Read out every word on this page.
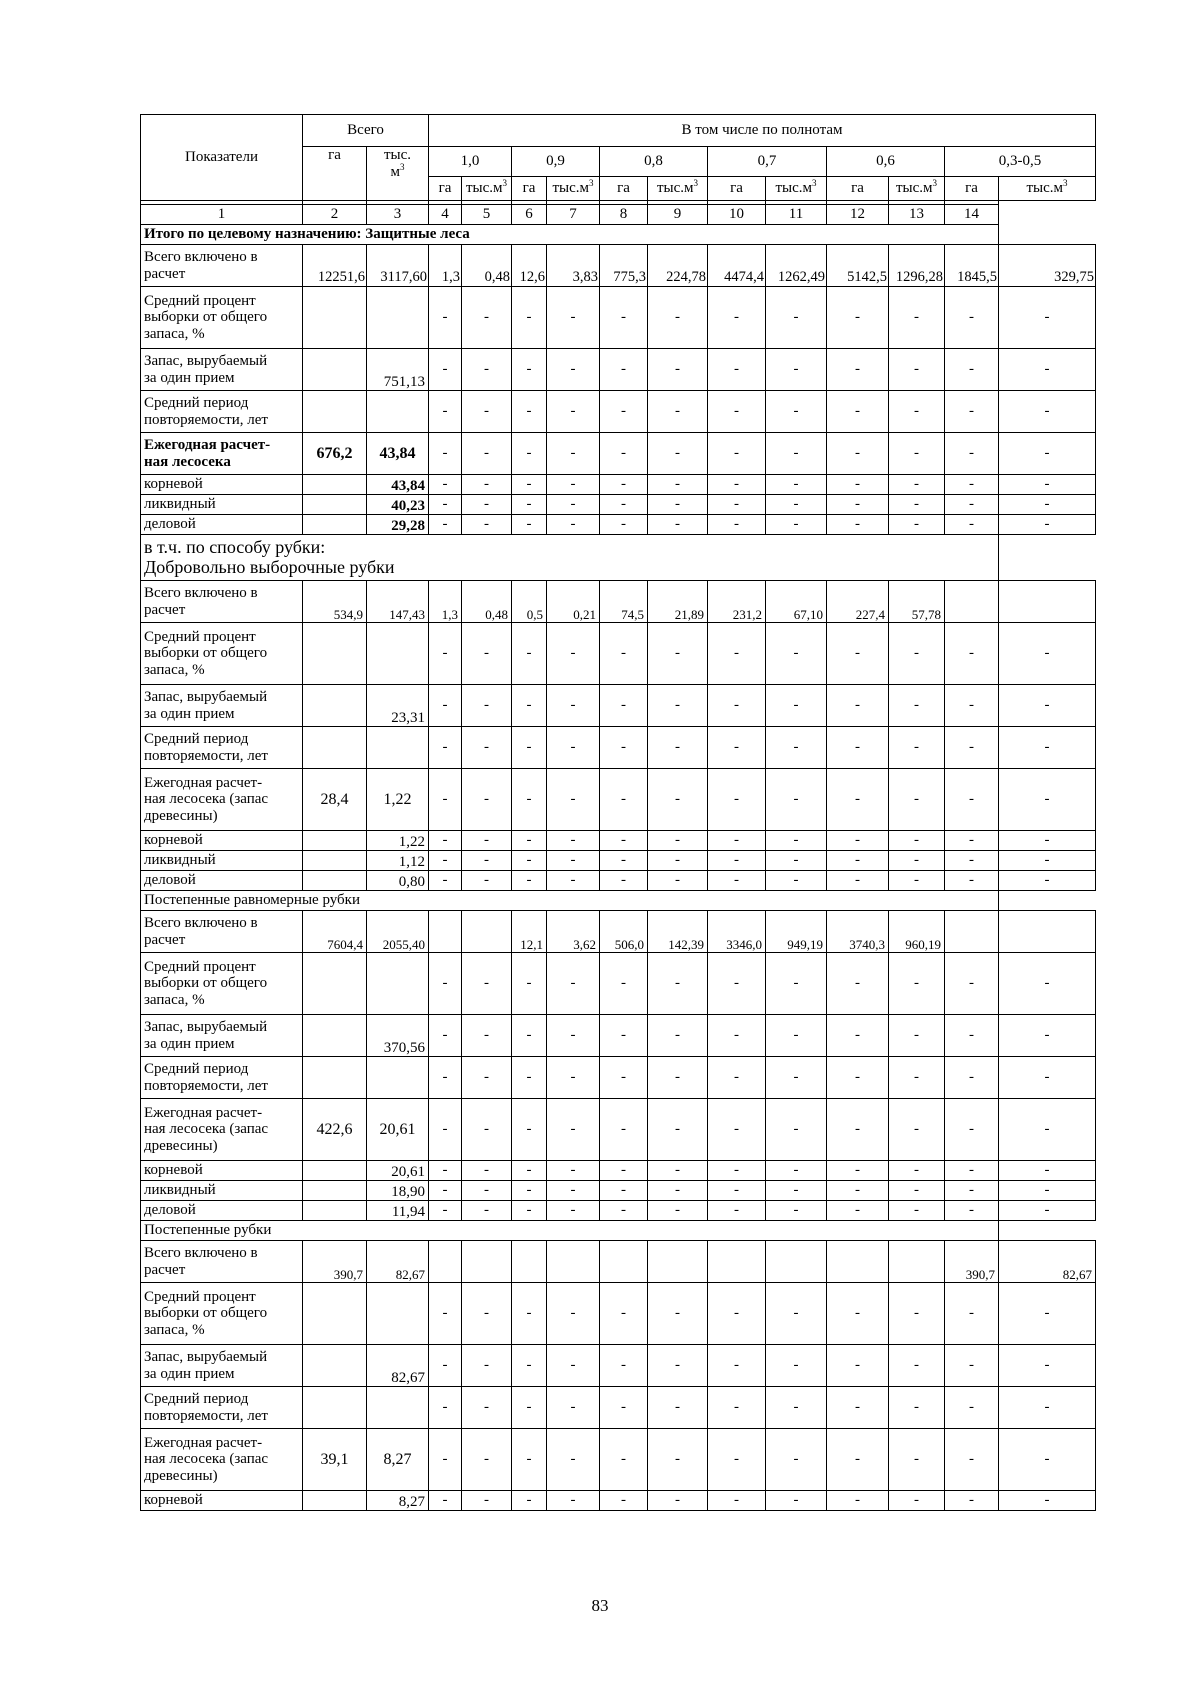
Показатели	Всего		В том числе по полнотам											
	га	тыс.
$м^3$	1,0		0,9		0,8		0,7		0,6		0,3-0,5	
			га	$тыс.м^3$	га	$тыс.м^3$	га	$тыс.м^3$	га	$тыс.м^3$	га	$тыс.м^3$	га	$тыс.м^3$

1	2	3	4	5	6	7	8	9	10	11	12	13	14	
Итого по целевому назначению: Защитные леса														
Всего включено в
расчет	12251,6	3117,60	1,3	0,48	12,6	3,83	775,3	224,78	4474,4	1262,49	5142,5	1296,28	1845,5	329,75
Средний процент
выборки от общего
запаса, %			-	-	-	-	-	-	-	-	-	-	-	-
Запас, вырубаемый
за один прием		751,13	-	-	-	-	-	-	-	-	-	-	-	-
Средний период
повторяемости, лет			-	-	-	-	-	-	-	-	-	-	-	-
Ежегодная расчет-
ная лесосека	676,2	43,84	-	-	-	-	-	-	-	-	-	-	-	-
корневой		43,84	-	-	-	-	-	-	-	-	-	-	-	-
ликвидный		40,23	-	-	-	-	-	-	-	-	-	-	-	-
деловой		29,28	-	-	-	-	-	-	-	-	-	-	-	-
в т.ч. по способу рубки:
Добровольно выборочные рубки														
Всего включено в
расчет	534,9	147,43	1,3	0,48	0,5	0,21	74,5	21,89	231,2	67,10	227,4	57,78		
Средний процент
выборки от общего
запаса, %			-	-	-	-	-	-	-	-	-	-	-	-
Запас, вырубаемый
за один прием		23,31	-	-	-	-	-	-	-	-	-	-	-	-
Средний период
повторяемости, лет			-	-	-	-	-	-	-	-	-	-	-	-
Ежегодная расчет-
ная лесосека (запас
древесины)	28,4	1,22	-	-	-	-	-	-	-	-	-	-	-	-
корневой		1,22	-	-	-	-	-	-	-	-	-	-	-	-
ликвидный		1,12	-	-	-	-	-	-	-	-	-	-	-	-
деловой		0,80	-	-	-	-	-	-	-	-	-	-	-	-
Постепенные равномерные рубки														
Всего включено в
расчет	7604,4	2055,40			12,1	3,62	506,0	142,39	3346,0	949,19	3740,3	960,19		
Средний процент
выборки от общего
запаса, %			-	-	-	-	-	-	-	-	-	-	-	-
Запас, вырубаемый
за один прием		370,56	-	-	-	-	-	-	-	-	-	-	-	-
Средний период
повторяемости, лет			-	-	-	-	-	-	-	-	-	-	-	-
Ежегодная расчет-
ная лесосека (запас
древесины)	422,6	20,61	-	-	-	-	-	-	-	-	-	-	-	-
корневой		20,61	-	-	-	-	-	-	-	-	-	-	-	-
ликвидный		18,90	-	-	-	-	-	-	-	-	-	-	-	-
деловой		11,94	-	-	-	-	-	-	-	-	-	-	-	-
Постепенные рубки														
Всего включено в
расчет	390,7	82,67											390,7	82,67
Средний процент
выборки от общего
запаса, %			-	-	-	-	-	-	-	-	-	-	-	-
Запас, вырубаемый
за один прием		82,67	-	-	-	-	-	-	-	-	-	-	-	-
Средний период
повторяемости, лет			-	-	-	-	-	-	-	-	-	-	-	-
Ежегодная расчет-
ная лесосека (запас
древесины)	39,1	8,27	-	-	-	-	-	-	-	-	-	-	-	-
корневой		8,27	-	-	-	-	-	-	-	-	-	-	-	-
83
